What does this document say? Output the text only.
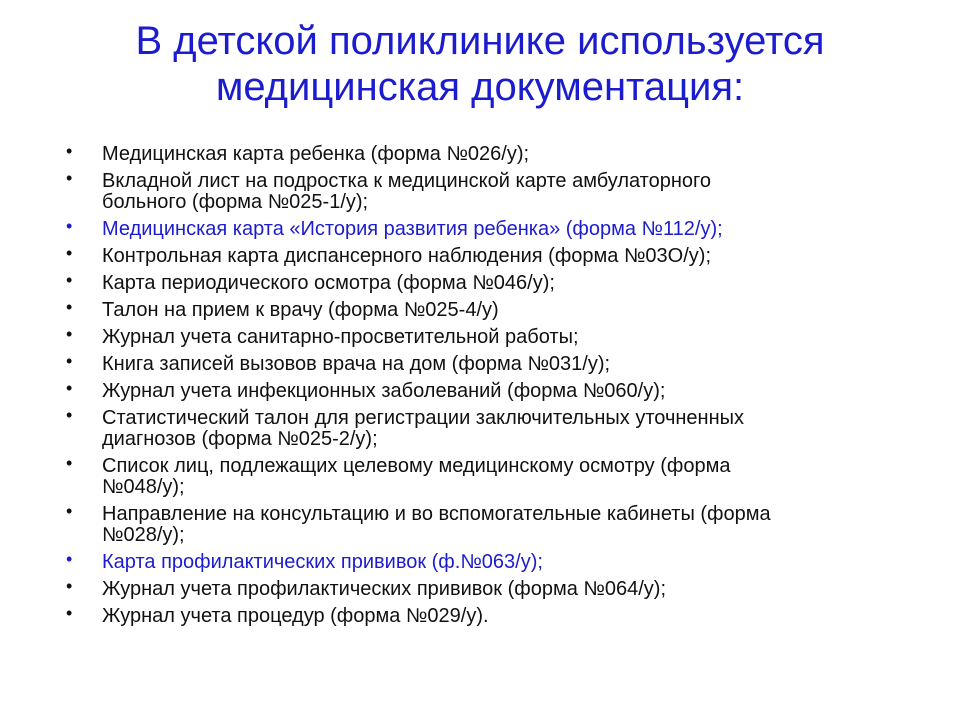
В детской поликлинике используется
медицинская документация:
•	Медицинская карта ребенка (форма №026/у);
•	Вкладной лист на подростка к медицинской карте амбулаторного
больного (форма №025-1/у);
•	Медицинская карта «История развития ребенка» (форма №112/у);
•	Контрольная карта диспансерного наблюдения (форма №03О/у);
•	Карта периодического осмотра (форма №046/у);
•	Талон на прием к врачу (форма №025-4/у)
•	Журнал учета санитарно-просветительной работы;
•	Книга записей вызовов врача на дом (форма №031/у);
•	Журнал учета инфекционных заболеваний (форма №060/у);
•	Статистический талон для регистрации заключительных уточненных
диагнозов (форма №025-2/у);
•	Список лиц, подлежащих целевому медицинскому осмотру (форма
№048/у);
•	Направление на консультацию и во вспомогательные кабинеты (форма
№028/у);
•	Карта профилактических прививок (ф.№063/у);
•	Журнал учета профилактических прививок (форма №064/у);
•	Журнал учета процедур (форма №029/у).
